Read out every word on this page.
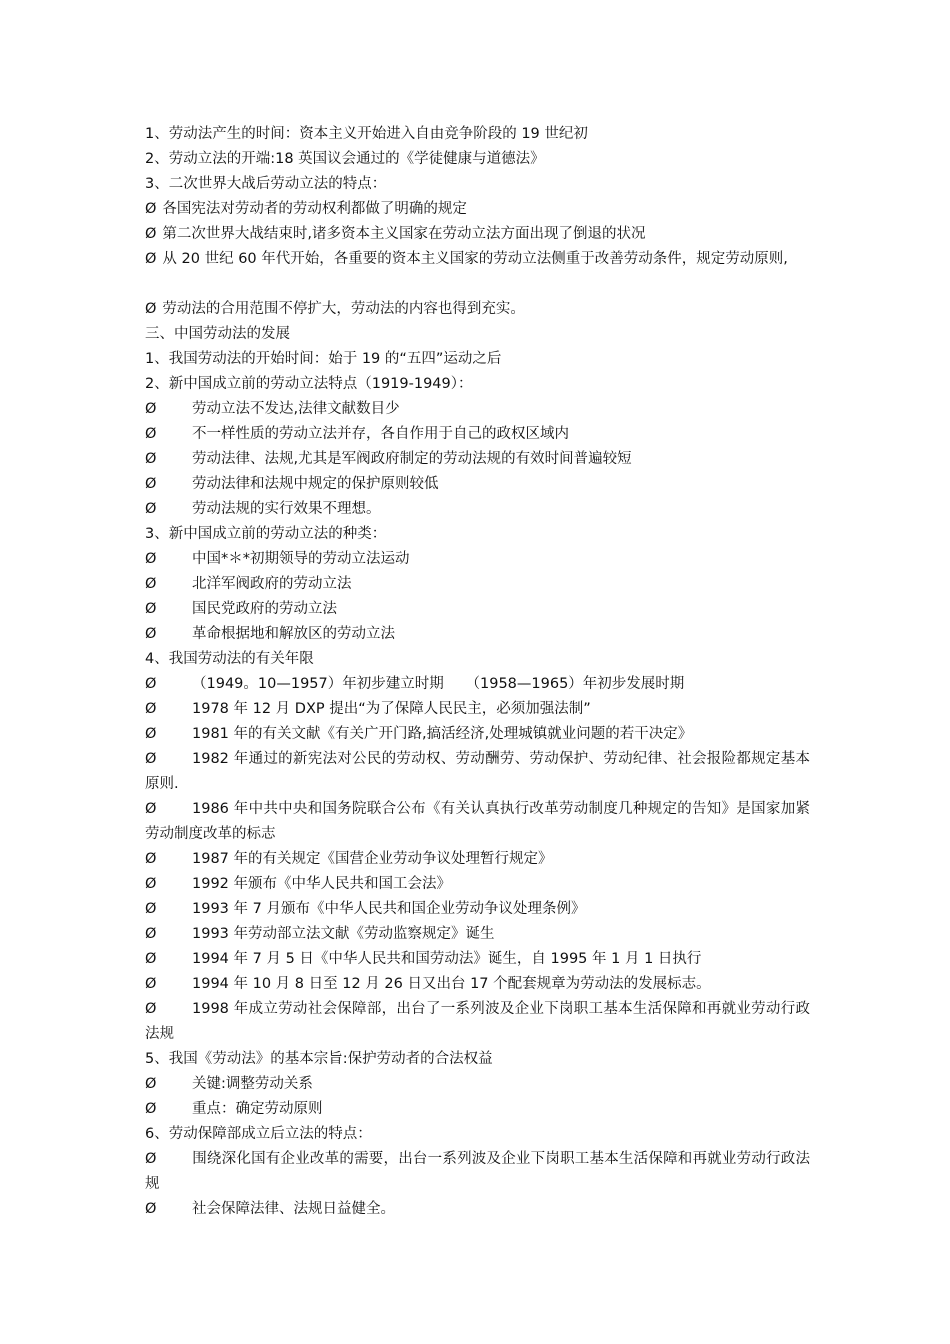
1、劳动法产生的时间：资本主义开始进入自由竞争阶段的 19 世纪初
2、劳动立法的开端:18 英国议会通过的《学徒健康与道德法》
3、二次世界大战后劳动立法的特点：
Ø 各国宪法对劳动者的劳动权利都做了明确的规定
Ø 第二次世界大战结束时,诸多资本主义国家在劳动立法方面出现了倒退的状况
Ø 从 20 世纪 60 年代开始，各重要的资本主义国家的劳动立法侧重于改善劳动条件，规定劳动原则,
Ø 劳动法的合用范围不停扩大，劳动法的内容也得到充实。
三、中国劳动法的发展
1、我国劳动法的开始时间：始于 19 的“五四”运动之后
2、新中国成立前的劳动立法特点（1919-1949）：
Ø 劳动立法不发达,法律文献数目少
Ø 不一样性质的劳动立法并存，各自作用于自己的政权区域内
Ø 劳动法律、法规,尤其是军阀政府制定的劳动法规的有效时间普遍较短
Ø 劳动法律和法规中规定的保护原则较低
Ø 劳动法规的实行效果不理想。
3、新中国成立前的劳动立法的种类：
Ø 中国*＊*初期领导的劳动立法运动
Ø 北洋军阀政府的劳动立法
Ø 国民党政府的劳动立法
Ø 革命根据地和解放区的劳动立法
4、我国劳动法的有关年限
Ø （1949。10—1957）年初步建立时期　　（1958—1965）年初步发展时期
Ø 1978 年 12 月 DXP 提出“为了保障人民民主，必须加强法制”
Ø 1981 年的有关文献《有关广开门路,搞活经济,处理城镇就业问题的若干决定》
Ø 1982 年通过的新宪法对公民的劳动权、劳动酬劳、劳动保护、劳动纪律、社会报险都规定基本原则.
Ø 1986 年中共中央和国务院联合公布《有关认真执行改革劳动制度几种规定的告知》是国家加紧劳动制度改革的标志
Ø 1987 年的有关规定《国营企业劳动争议处理暂行规定》
Ø 1992 年颁布《中华人民共和国工会法》
Ø 1993 年 7 月颁布《中华人民共和国企业劳动争议处理条例》
Ø 1993 年劳动部立法文献《劳动监察规定》诞生
Ø 1994 年 7 月 5 日《中华人民共和国劳动法》诞生，自 1995 年 1 月 1 日执行
Ø 1994 年 10 月 8 日至 12 月 26 日又出台 17 个配套规章为劳动法的发展标志。
Ø 1998 年成立劳动社会保障部，出台了一系列波及企业下岗职工基本生活保障和再就业劳动行政法规
5、我国《劳动法》的基本宗旨:保护劳动者的合法权益
Ø 关键:调整劳动关系
Ø 重点：确定劳动原则
6、劳动保障部成立后立法的特点：
Ø 围绕深化国有企业改革的需要，出台一系列波及企业下岗职工基本生活保障和再就业劳动行政法规
Ø 社会保障法律、法规日益健全。
